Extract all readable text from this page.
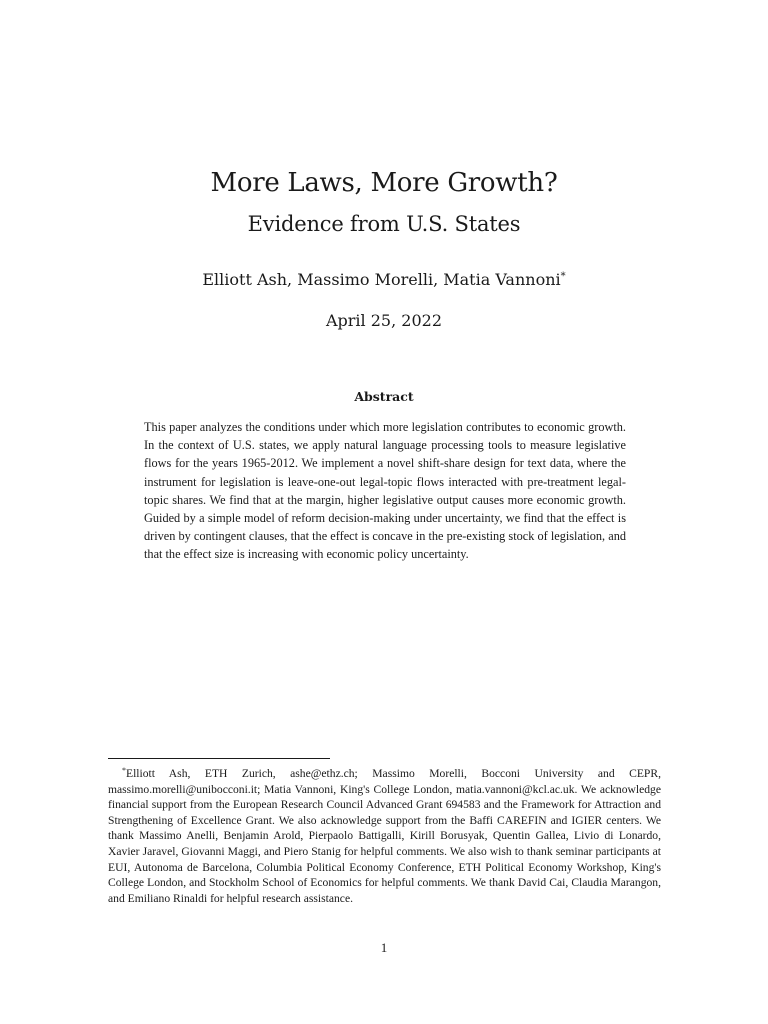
More Laws, More Growth?
Evidence from U.S. States
Elliott Ash, Massimo Morelli, Matia Vannoni*
April 25, 2022
Abstract
This paper analyzes the conditions under which more legislation contributes to economic growth. In the context of U.S. states, we apply natural language processing tools to measure legislative flows for the years 1965-2012. We implement a novel shift-share design for text data, where the instrument for legislation is leave-one-out legal-topic flows interacted with pre-treatment legal-topic shares. We find that at the margin, higher legislative output causes more economic growth. Guided by a simple model of reform decision-making under uncertainty, we find that the effect is driven by contingent clauses, that the effect is concave in the pre-existing stock of legislation, and that the effect size is increasing with economic policy uncertainty.
*Elliott Ash, ETH Zurich, ashe@ethz.ch; Massimo Morelli, Bocconi University and CEPR, massimo.morelli@unibocconi.it; Matia Vannoni, King's College London, matia.vannoni@kcl.ac.uk. We acknowledge financial support from the European Research Council Advanced Grant 694583 and the Framework for Attraction and Strengthening of Excellence Grant. We also acknowledge support from the Baffi CAREFIN and IGIER centers. We thank Massimo Anelli, Benjamin Arold, Pierpaolo Battigalli, Kirill Borusyak, Quentin Gallea, Livio di Lonardo, Xavier Jaravel, Giovanni Maggi, and Piero Stanig for helpful comments. We also wish to thank seminar participants at EUI, Autonoma de Barcelona, Columbia Political Economy Conference, ETH Political Economy Workshop, King's College London, and Stockholm School of Economics for helpful comments. We thank David Cai, Claudia Marangon, and Emiliano Rinaldi for helpful research assistance.
1
